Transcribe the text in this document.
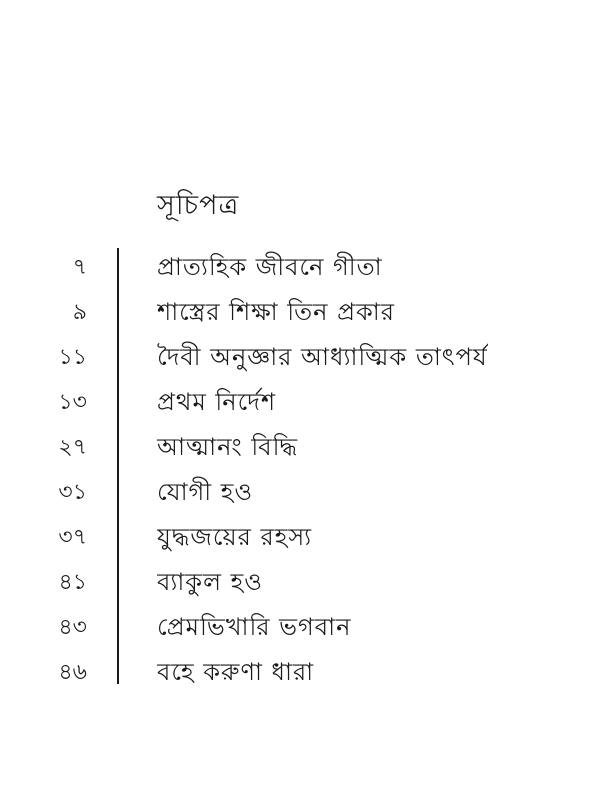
সূচিপত্র
৭	প্রাত্যহিক জীবনে গীতা
৯	শাস্ত্রের শিক্ষা তিন প্রকার
১১	দৈবী অনুজ্ঞার আধ্যাত্মিক তাৎপর্য
১৩	প্রথম নির্দেশ
২৭	আত্মানং বিদ্ধি
৩১	যোগী হও
৩৭	যুদ্ধজয়ের রহস্য
৪১	ব্যাকুল হও
৪৩	প্রেমভিখারি ভগবান
৪৬	বহে করুণা ধারা
